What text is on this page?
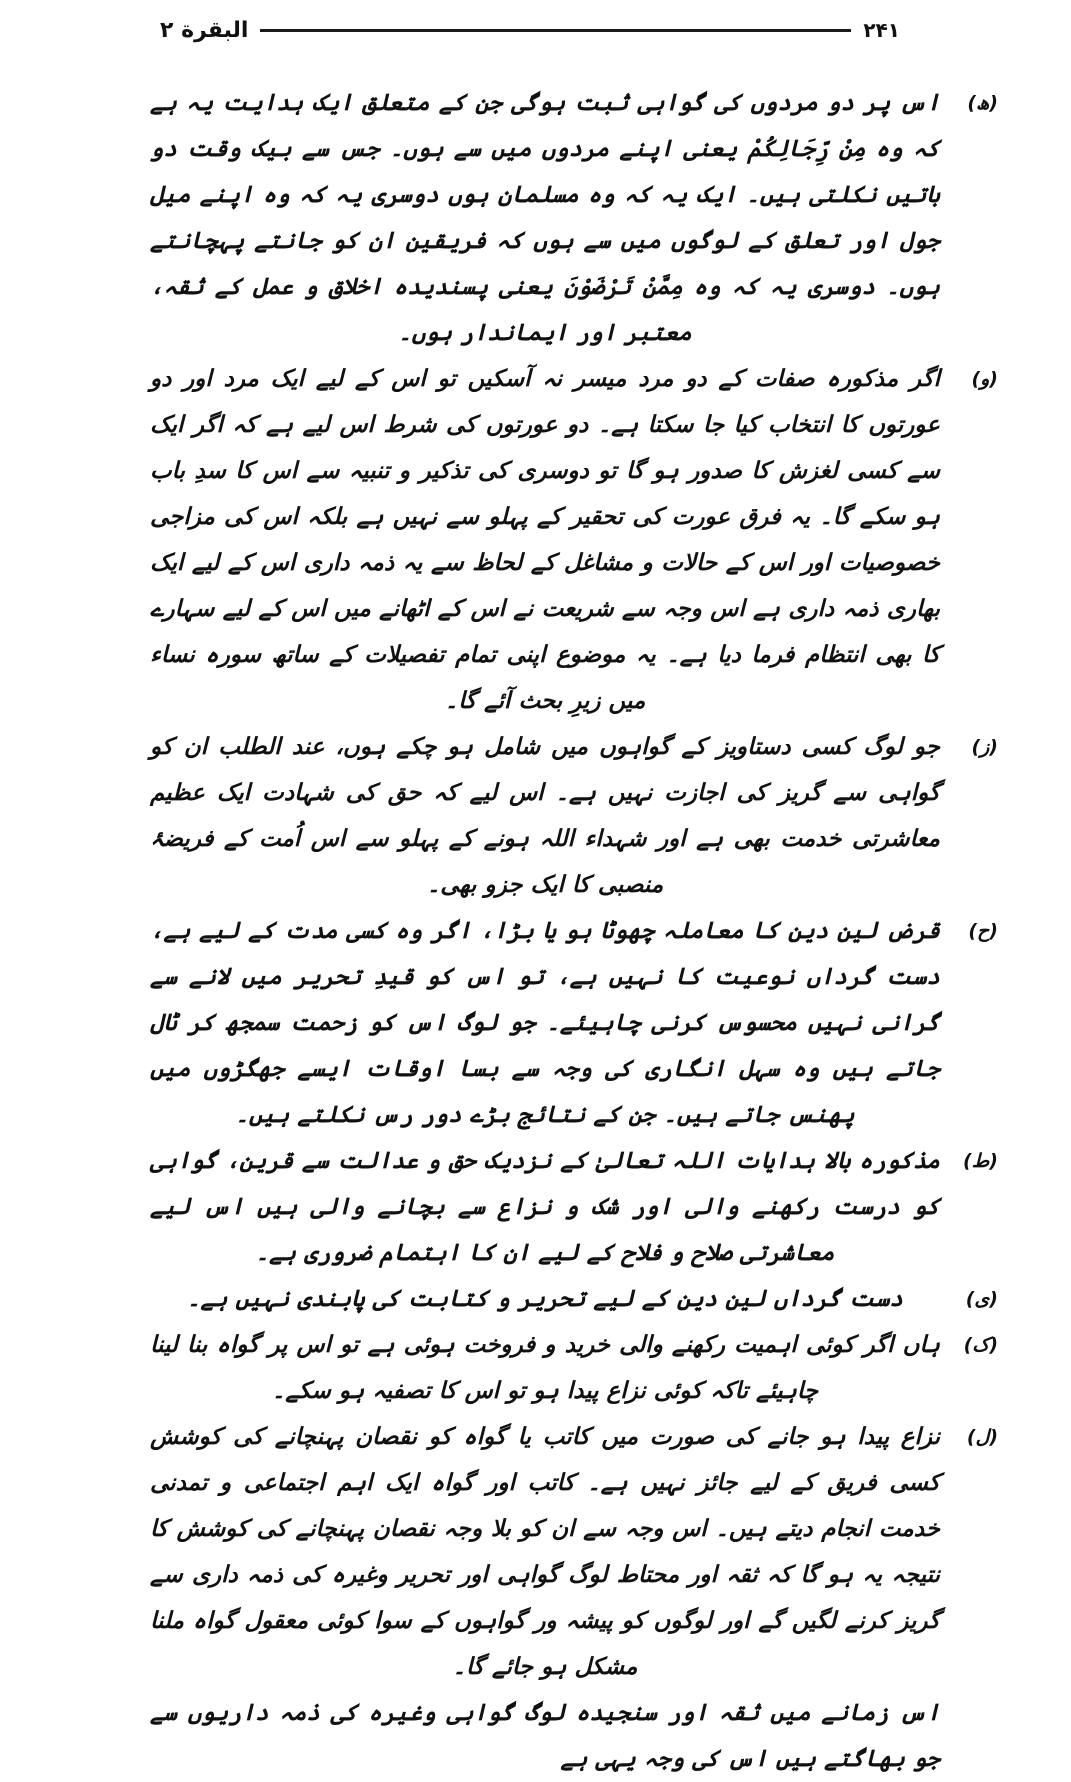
البقرة ۲	۲۴۱
(ھ)
اس پر دو مردوں کی گواہی ثبت ہوگی جن کے متعلق ایک ہدایت یہ ہے کہ وہ مِنْ رِّجَالِكُمْ یعنی اپنے مردوں میں سے ہوں۔ جس سے بیک وقت دو باتیں نکلتی ہیں۔ ایک یہ کہ وہ مسلمان ہوں دوسری یہ کہ وہ اپنے میل جول اور تعلق کے لوگوں میں سے ہوں کہ فریقین ان کو جانتے پہچانتے ہوں۔ دوسری یہ کہ وہ مِمَّنْ تَرْضَوْنَ یعنی پسندیدہ اخلاق و عمل کے ثقہ، معتبر اور ایماندار ہوں۔
(و)
اگر مذکورہ صفات کے دو مرد میسر نہ آسکیں تو اس کے لیے ایک مرد اور دو عورتوں کا انتخاب کیا جا سکتا ہے۔ دو عورتوں کی شرط اس لیے ہے کہ اگر ایک سے کسی لغزش کا صدور ہو گا تو دوسری کی تذکیر و تنبیہ سے اس کا سدِ باب ہو سکے گا۔ یہ فرق عورت کی تحقیر کے پہلو سے نہیں ہے بلکہ اس کی مزاجی خصوصیات اور اس کے حالات و مشاغل کے لحاظ سے یہ ذمہ داری اس کے لیے ایک بھاری ذمہ داری ہے اس وجہ سے شریعت نے اس کے اٹھانے میں اس کے لیے سہارے کا بھی انتظام فرما دیا ہے۔ یہ موضوع اپنی تمام تفصیلات کے ساتھ سورہ نساء میں زیرِ بحث آئے گا۔
(ز)
جو لوگ کسی دستاویز کے گواہوں میں شامل ہو چکے ہوں، عند الطلب ان کو گواہی سے گریز کی اجازت نہیں ہے۔ اس لیے کہ حق کی شہادت ایک عظیم معاشرتی خدمت بھی ہے اور شہداء اللہ ہونے کے پہلو سے اس اُمت کے فریضۂ منصبی کا ایک جزو بھی۔
(ح)
قرض لین دین کا معاملہ چھوٹا ہو یا بڑا، اگر وہ کسی مدت کے لیے ہے، دست گرداں نوعیت کا نہیں ہے، تو اس کو قیدِ تحریر میں لانے سے گرانی نہیں محسوس کرنی چاہیئے۔ جو لوگ اس کو زحمت سمجھ کر ٹال جاتے ہیں وہ سہل انگاری کی وجہ سے بسا اوقات ایسے جھگڑوں میں پھنس جاتے ہیں۔ جن کے نتائج بڑے دور رس نکلتے ہیں۔
(ط)
مذکورہ بالا ہدایات اللہ تعالیٰ کے نزدیک حق و عدالت سے قرین، گواہی کو درست رکھنے والی اور شک و نزاع سے بچانے والی ہیں اس لیے معاشرتی صلاح و فلاح کے لیے ان کا اہتمام ضروری ہے۔
(ی)
دست گرداں لین دین کے لیے تحریر و کتابت کی پابندی نہیں ہے۔
(ک)
ہاں اگر کوئی اہمیت رکھنے والی خرید و فروخت ہوئی ہے تو اس پر گواہ بنا لینا چاہیئے تاکہ کوئی نزاع پیدا ہو تو اس کا تصفیہ ہو سکے۔
(ل)
نزاع پیدا ہو جانے کی صورت میں کاتب یا گواہ کو نقصان پہنچانے کی کوشش کسی فریق کے لیے جائز نہیں ہے۔ کاتب اور گواہ ایک اہم اجتماعی و تمدنی خدمت انجام دیتے ہیں۔ اس وجہ سے ان کو بلا وجہ نقصان پہنچانے کی کوشش کا نتیجہ یہ ہو گا کہ ثقہ اور محتاط لوگ گواہی اور تحریر وغیرہ کی ذمہ داری سے گریز کرنے لگیں گے اور لوگوں کو پیشہ ور گواہوں کے سوا کوئی معقول گواہ ملنا مشکل ہو جائے گا۔
اس زمانے میں ثقہ اور سنجیدہ لوگ گواہی وغیرہ کی ذمہ داریوں سے جو بھاگتے ہیں اس کی وجہ یہی ہے
